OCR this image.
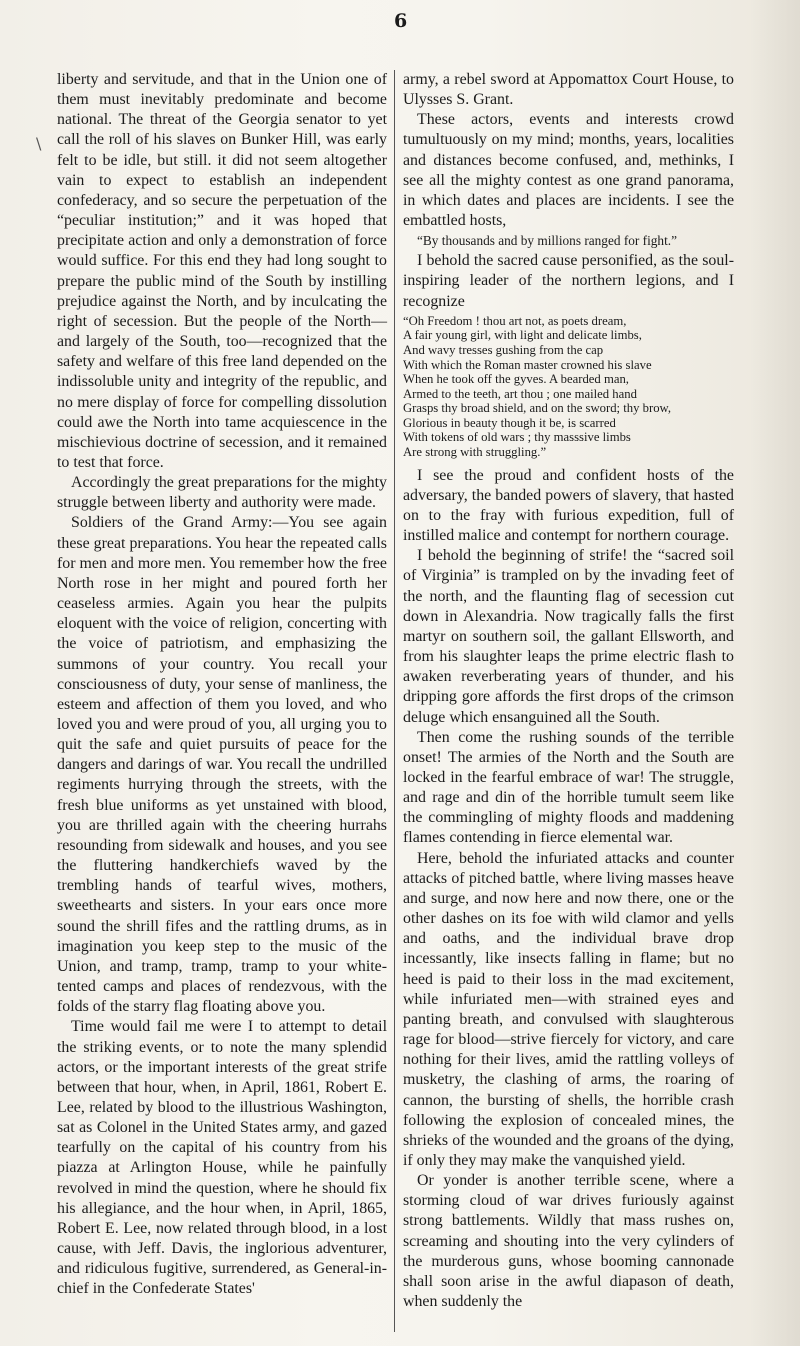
6
\

liberty and servitude, and that in the Union one of them must inevitably predominate and become national. The threat of the Georgia senator to yet call the roll of his slaves on Bunker Hill, was early felt to be idle, but still. it did not seem altogether vain to expect to establish an independent confederacy, and so secure the perpetuation of the “peculiar institution;” and it was hoped that precipitate action and only a demonstration of force would suffice. For this end they had long sought to prepare the public mind of the South by instilling prejudice against the North, and by inculcating the right of secession. But the people of the North—and largely of the South, too—recognized that the safety and welfare of this free land depended on the indissoluble unity and integrity of the republic, and no mere display of force for compelling dissolution could awe the North into tame acquiescence in the mischievious doctrine of secession, and it remained to test that force.

Accordingly the great preparations for the mighty struggle between liberty and authority were made.

Soldiers of the Grand Army:—You see again these great preparations. You hear the repeated calls for men and more men. You remember how the free North rose in her might and poured forth her ceaseless armies. Again you hear the pulpits eloquent with the voice of religion, concerting with the voice of patriotism, and emphasizing the summons of your country. You recall your consciousness of duty, your sense of manliness, the esteem and affection of them you loved, and who loved you and were proud of you, all urging you to quit the safe and quiet pursuits of peace for the dangers and darings of war. You recall the undrilled regiments hurrying through the streets, with the fresh blue uniforms as yet unstained with blood, you are thrilled again with the cheering hurrahs resounding from sidewalk and houses, and you see the fluttering handkerchiefs waved by the trembling hands of tearful wives, mothers, sweethearts and sisters. In your ears once more sound the shrill fifes and the rattling drums, as in imagination you keep step to the music of the Union, and tramp, tramp, tramp to your white-tented camps and places of rendezvous, with the folds of the starry flag floating above you.

Time would fail me were I to attempt to detail the striking events, or to note the many splendid actors, or the important interests of the great strife between that hour, when, in April, 1861, Robert E. Lee, related by blood to the illustrious Washington, sat as Colonel in the United States army, and gazed tearfully on the capital of his country from his piazza at Arlington House, while he painfully revolved in mind the question, where he should fix his allegiance, and the hour when, in April, 1865, Robert E. Lee, now related through blood, in a lost cause, with Jeff. Davis, the inglorious adventurer, and ridiculous fugitive, surrendered, as General-in-chief in the Confederate States'

army, a rebel sword at Appomattox Court House, to Ulysses S. Grant.

These actors, events and interests crowd tumultuously on my mind; months, years, localities and distances become confused, and, methinks, I see all the mighty contest as one grand panorama, in which dates and places are incidents. I see the embattled hosts,

“By thousands and by millions ranged for fight.”

I behold the sacred cause personified, as the soul-inspiring leader of the northern legions, and I recognize

“Oh Freedom ! thou art not, as poets dream,
A fair young girl, with light and delicate limbs,
And wavy tresses gushing from the cap
With which the Roman master crowned his slave
When he took off the gyves. A bearded man,
Armed to the teeth, art thou ; one mailed hand
Grasps thy broad shield, and on the sword; thy brow,
Glorious in beauty though it be, is scarred
With tokens of old wars ; thy masssive limbs
Are strong with struggling.”

I see the proud and confident hosts of the adversary, the banded powers of slavery, that hasted on to the fray with furious expedition, full of instilled malice and contempt for northern courage.

I behold the beginning of strife! the “sacred soil of Virginia” is trampled on by the invading feet of the north, and the flaunting flag of secession cut down in Alexandria. Now tragically falls the first martyr on southern soil, the gallant Ellsworth, and from his slaughter leaps the prime electric flash to awaken reverberating years of thunder, and his dripping gore affords the first drops of the crimson deluge which ensanguined all the South.

Then come the rushing sounds of the terrible onset! The armies of the North and the South are locked in the fearful embrace of war! The struggle, and rage and din of the horrible tumult seem like the commingling of mighty floods and maddening flames contending in fierce elemental war.

Here, behold the infuriated attacks and counter attacks of pitched battle, where living masses heave and surge, and now here and now there, one or the other dashes on its foe with wild clamor and yells and oaths, and the individual brave drop incessantly, like insects falling in flame; but no heed is paid to their loss in the mad excitement, while infuriated men—with strained eyes and panting breath, and convulsed with slaughterous rage for blood—strive fiercely for victory, and care nothing for their lives, amid the rattling volleys of musketry, the clashing of arms, the roaring of cannon, the bursting of shells, the horrible crash following the explosion of concealed mines, the shrieks of the wounded and the groans of the dying, if only they may make the vanquished yield.

Or yonder is another terrible scene, where a storming cloud of war drives furiously against strong battlements. Wildly that mass rushes on, screaming and shouting into the very cylinders of the murderous guns, whose booming cannonade shall soon arise in the awful diapason of death, when suddenly the
